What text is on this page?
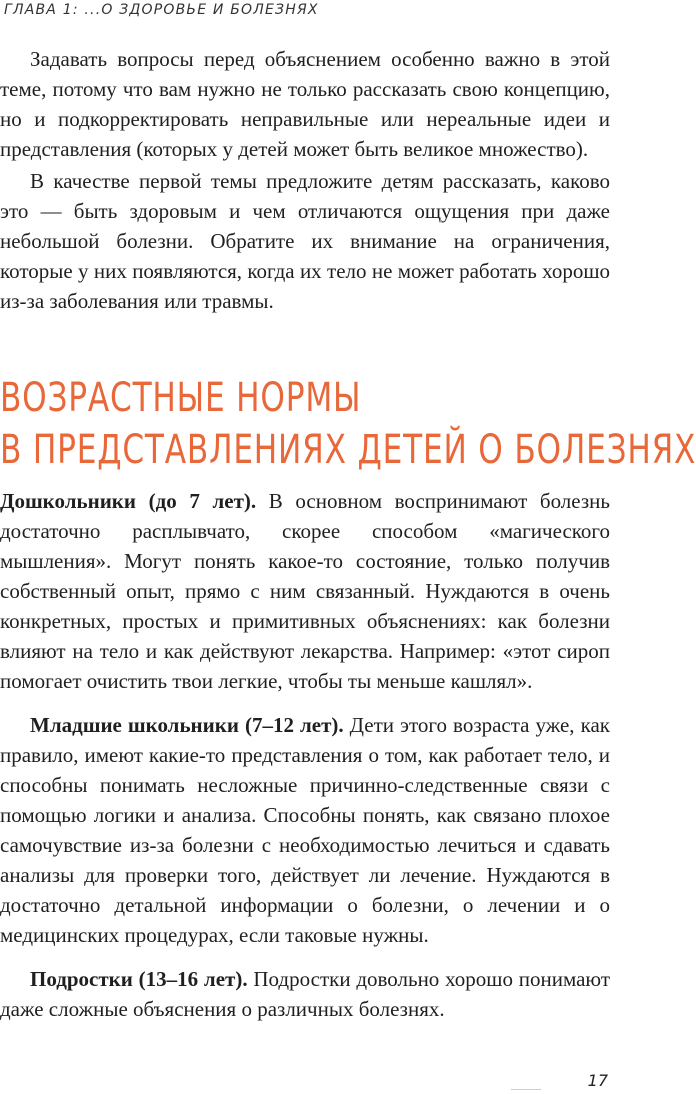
ГЛАВА 1: ...О ЗДОРОВЬЕ И БОЛЕЗНЯХ

Задавать вопросы перед объяснением особенно важно в этой теме, потому что вам нужно не только рассказать свою концепцию, но и подкорректировать неправильные или нереальные идеи и представления (которых у детей может быть великое множество).

В качестве первой темы предложите детям рассказать, каково это — быть здоровым и чем отличаются ощущения при даже небольшой болезни. Обратите их внимание на ограничения, которые у них появляются, когда их тело не может работать хорошо из-за заболевания или травмы.

ВОЗРАСТНЫЕ НОРМЫ
В ПРЕДСТАВЛЕНИЯХ ДЕТЕЙ О БОЛЕЗНЯХ

Дошкольники (до 7 лет). В основном воспринимают болезнь достаточно расплывчато, скорее способом «магического мышления». Могут понять какое-то состояние, только получив собственный опыт, прямо с ним связанный. Нуждаются в очень конкретных, простых и примитивных объяснениях: как болезни влияют на тело и как действуют лекарства. Например: «этот сироп помогает очистить твои легкие, чтобы ты меньше кашлял».

Младшие школьники (7–12 лет). Дети этого возраста уже, как правило, имеют какие-то представления о том, как работает тело, и способны понимать несложные причинно-следственные связи с помощью логики и анализа. Способны понять, как связано плохое самочувствие из-за болезни с необходимостью лечиться и сдавать анализы для проверки того, действует ли лечение. Нуждаются в достаточно детальной информации о болезни, о лечении и о медицинских процедурах, если таковые нужны.

Подростки (13–16 лет). Подростки довольно хорошо понимают даже сложные объяснения о различных болезнях.

17
